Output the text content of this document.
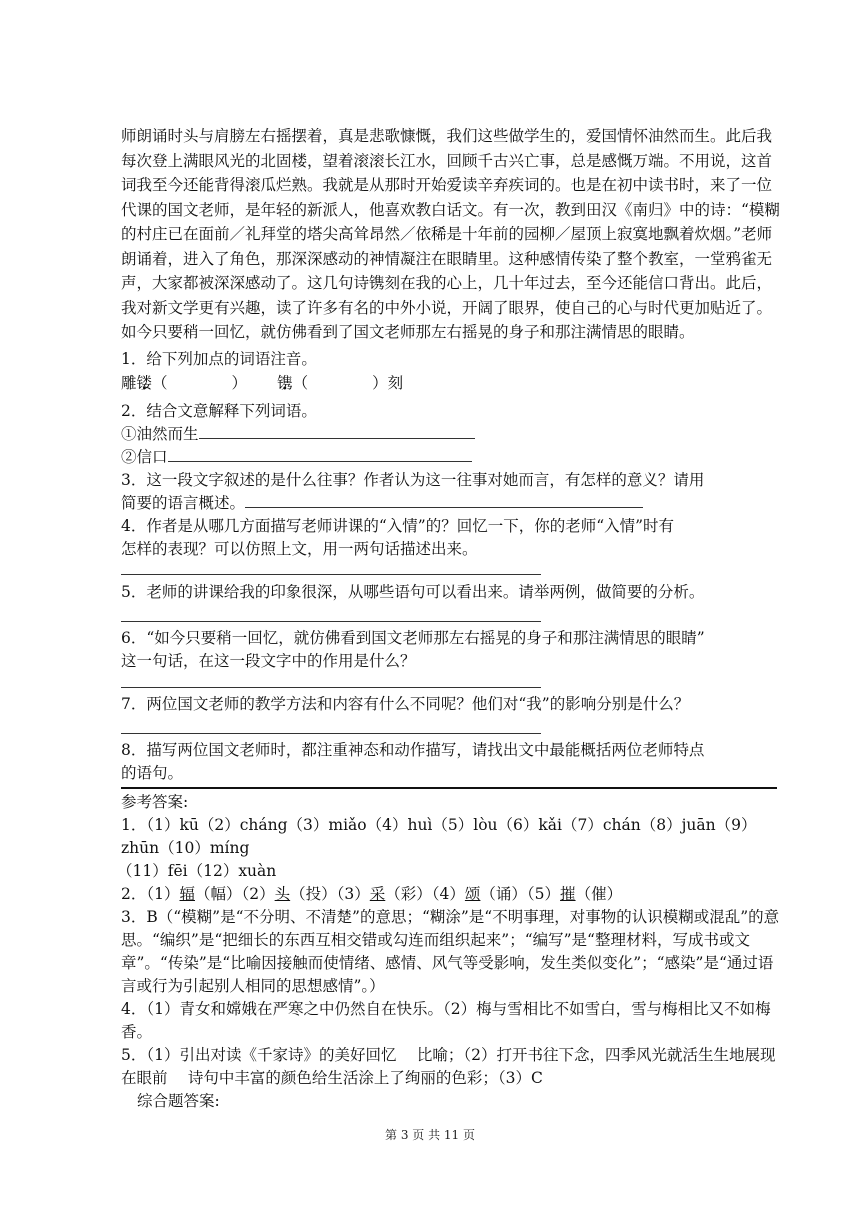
师朗诵时头与肩膀左右摇摆着，真是悲歌慷慨，我们这些做学生的，爱国情怀油然而生。此后我每次登上满眼风光的北固楼，望着滚滚长江水，回顾千古兴亡事，总是感慨万端。不用说，这首词我至今还能背得滚瓜烂熟。我就是从那时开始爱读辛弃疾词的。也是在初中读书时，来了一位代课的国文老师，是年轻的新派人，他喜欢教白话文。有一次，教到田汉《南归》中的诗：“模糊的村庄已在面前／礼拜堂的塔尖高耸昂然／依稀是十年前的园柳／屋顶上寂寞地飘着炊烟。”老师朗诵着，进入了角色，那深深感动的神情凝注在眼睛里。这种感情传染了整个教室，一堂鸦雀无声，大家都被深深感动了。这几句诗镌刻在我的心上，几十年过去，至今还能信口背出。此后，我对新文学更有兴趣，读了许多有名的中外小说，开阔了眼界，使自己的心与时代更加贴近了。如今只要稍一回忆，就仿佛看到了国文老师那左右摇晃的身子和那注满情思的眼睛。
1．给下列加点的词语注音。
雕镂（	） 镌（	）刻
2．结合文意解释下列词语。
①油然而生
②信口
3．这一段文字叙述的是什么往事？作者认为这一往事对她而言，有怎样的意义？请用
简要的语言概述。
4．作者是从哪几方面描写老师讲课的“入情”的？回忆一下，你的老师“入情”时有
怎样的表现？可以仿照上文，用一两句话描述出来。
5．老师的讲课给我的印象很深，从哪些语句可以看出来。请举两例，做简要的分析。
6．“如今只要稍一回忆，就仿佛看到国文老师那左右摇晃的身子和那注满情思的眼睛”
这一句话，在这一段文字中的作用是什么？
7．两位国文老师的教学方法和内容有什么不同呢？他们对“我”的影响分别是什么？
8．描写两位国文老师时，都注重神态和动作描写，请找出文中最能概括两位老师特点
的语句。
参考答案:
1．（1）kū（2）cháng（3）miǎo（4）huì（5）lòu（6）kǎi（7）chán（8）juān（9）
zhūn（10）míng
（11）fēi（12）xuàn
2．（1）辐（幅）（2）头（投）（3）采（彩）（4）颂（诵）（5）摧（催）
3．B（“模糊”是“不分明、不清楚”的意思；“糊涂”是“不明事理，对事物的认识模糊或混乱”的意思。“编织”是“把细长的东西互相交错或勾连而组织起来”；“编写”是“整理材料，写成书或文章”。“传染”是“比喻因接触而使情绪、感情、风气等受影响，发生类似变化”；“感染”是“通过语言或行为引起别人相同的思想感情”。）
4．（1）青女和嫦娥在严寒之中仍然自在快乐。（2）梅与雪相比不如雪白，雪与梅相比又不如梅香。
5．（1）引出对读《千家诗》的美好回忆　 比喻；（2）打开书往下念，四季风光就活生生地展现在眼前　 诗句中丰富的颜色给生活涂上了绚丽的色彩；（3）C
综合题答案:
第 3 页 共 11 页
